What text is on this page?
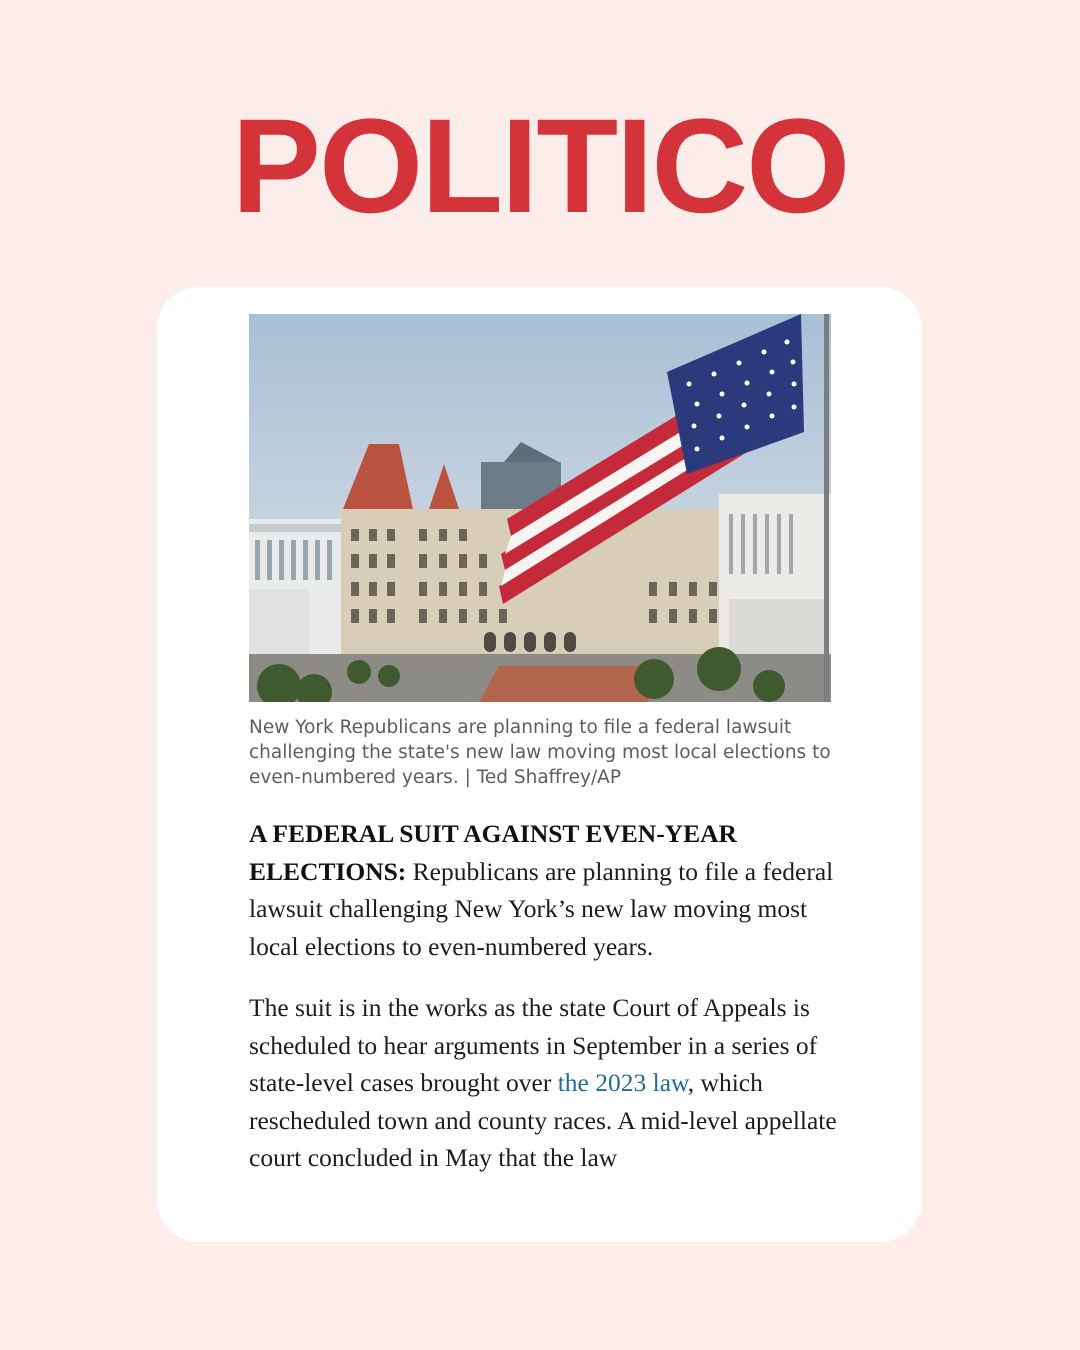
POLITICO

New York Republicans are planning to file a federal lawsuit challenging the state's new law moving most local elections to even-numbered years. | Ted Shaffrey/AP

A FEDERAL SUIT AGAINST EVEN-YEAR ELECTIONS: Republicans are planning to file a federal lawsuit challenging New York’s new law moving most local elections to even-numbered years.

The suit is in the works as the state Court of Appeals is scheduled to hear arguments in September in a series of state-level cases brought over the 2023 law, which rescheduled town and county races. A mid-level appellate court concluded in May that the law
